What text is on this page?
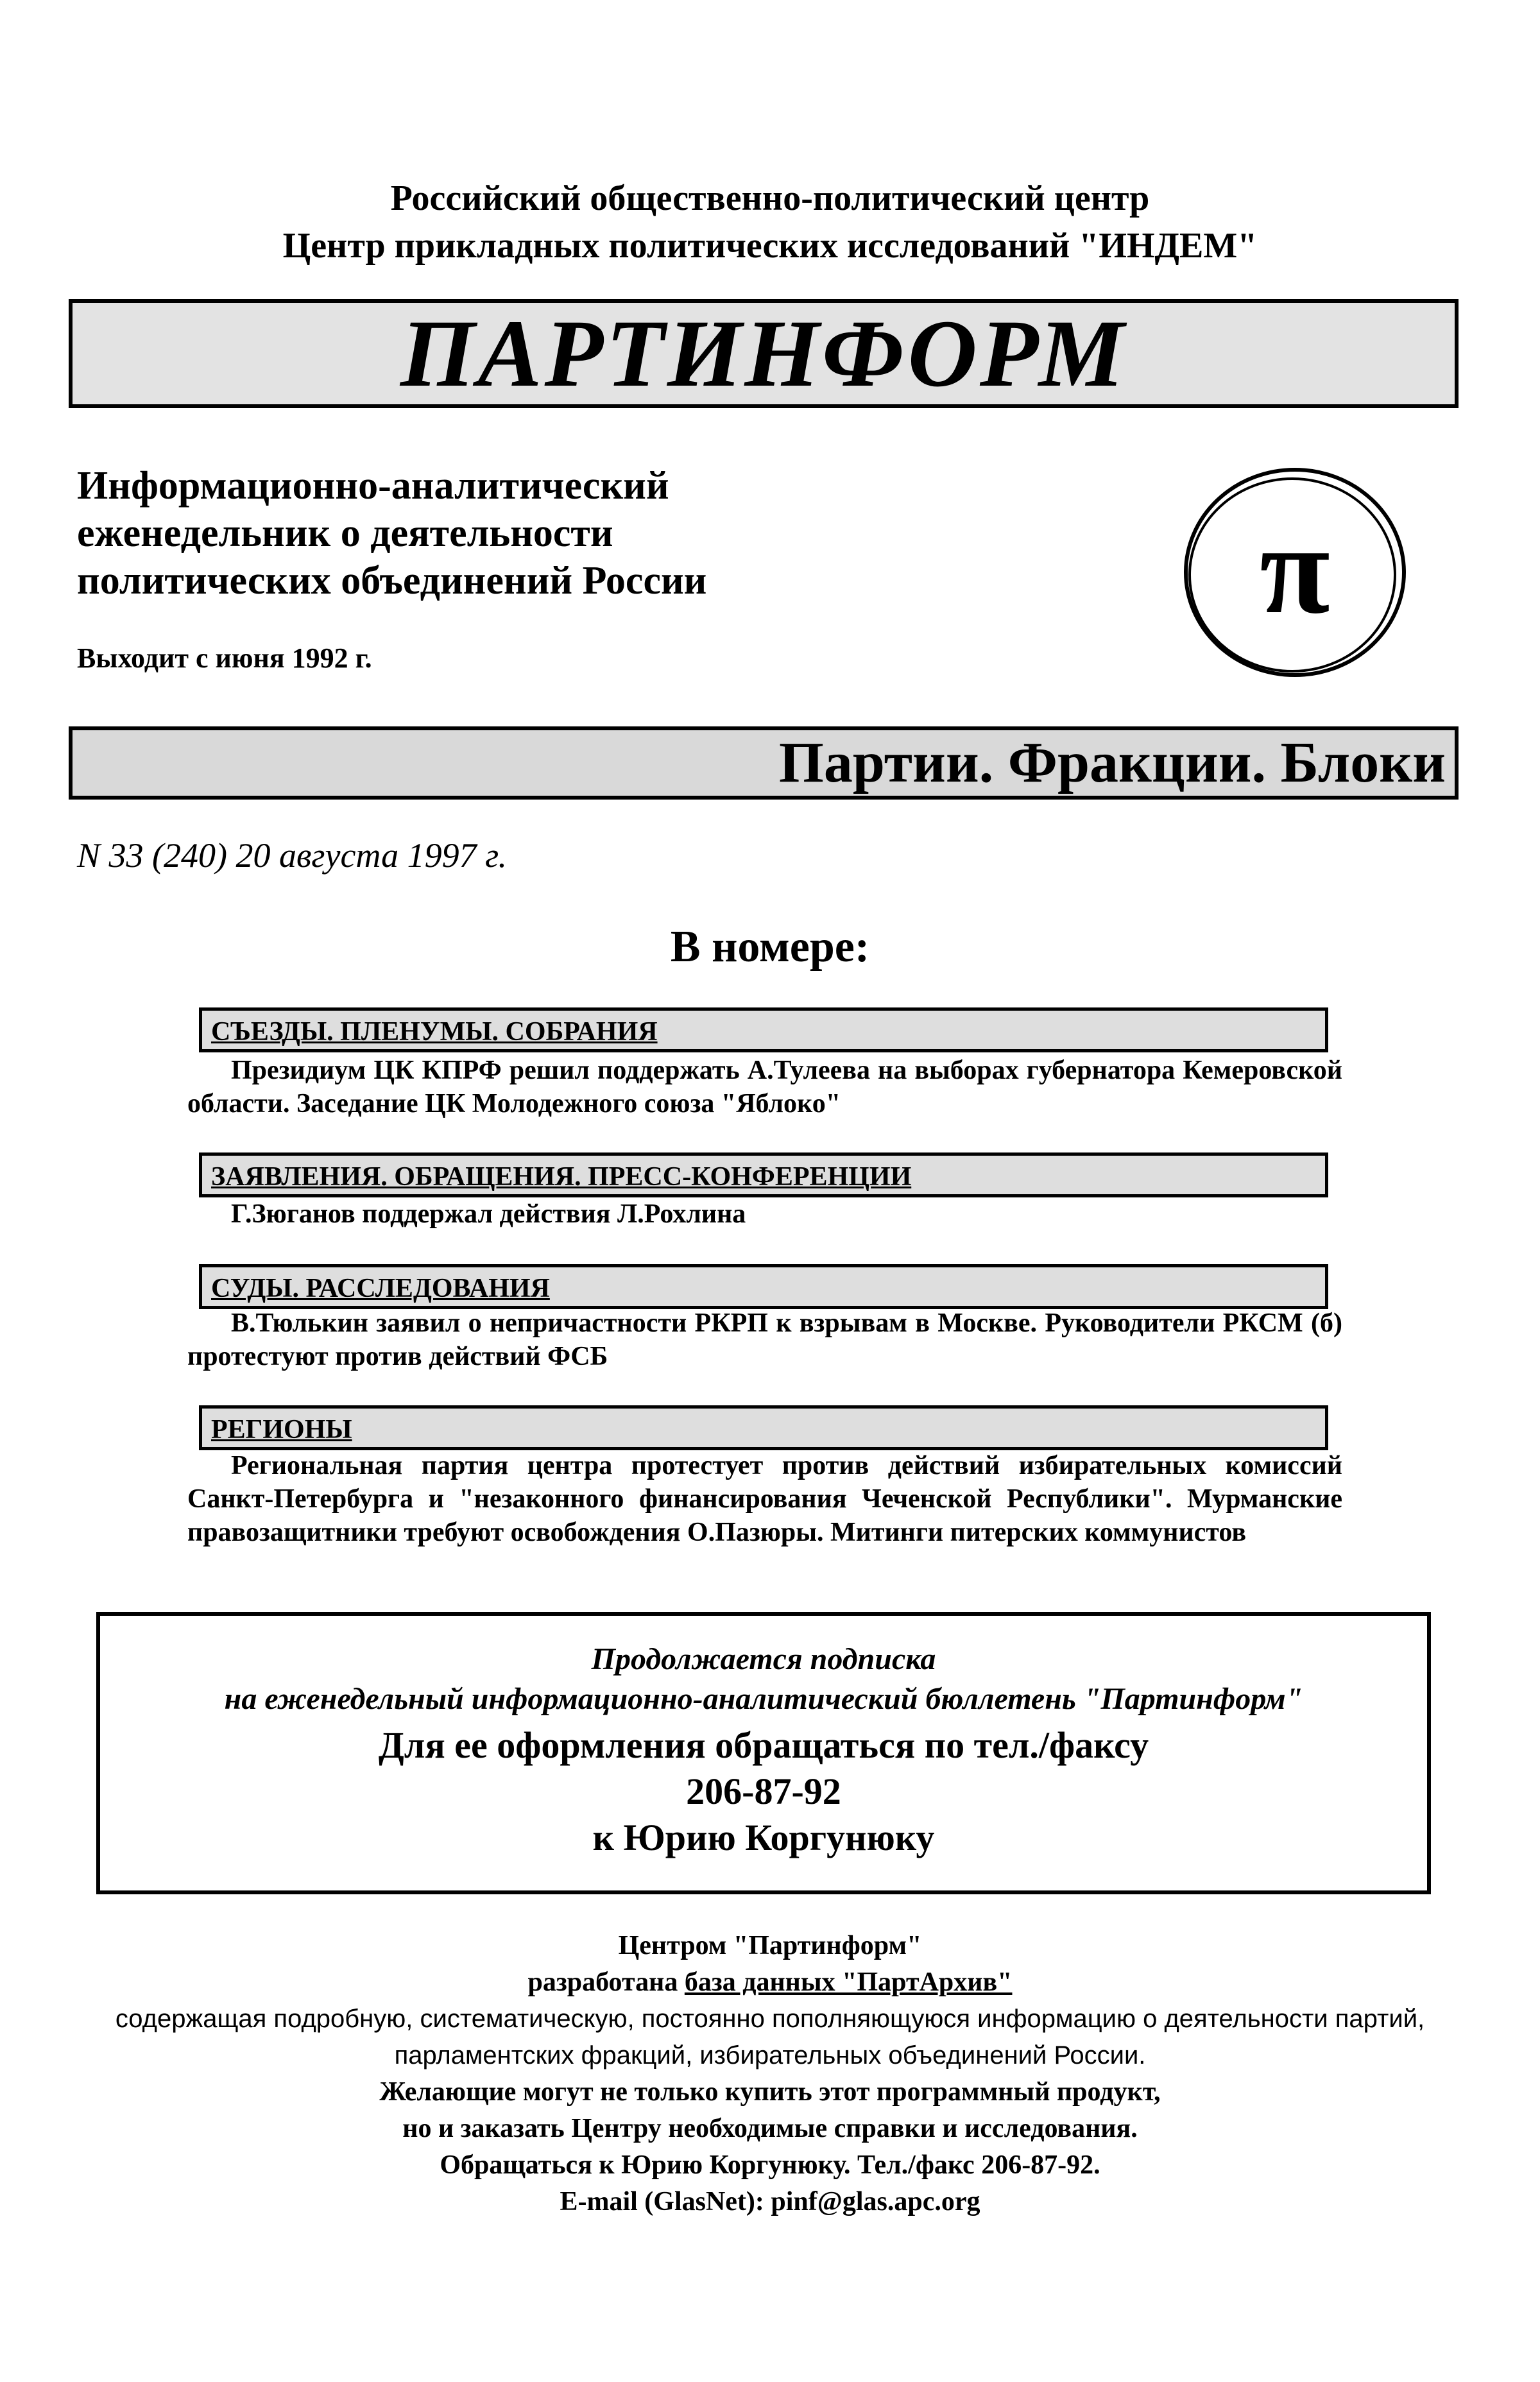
Российский общественно-политический центр
Центр прикладных политических исследований "ИНДЕМ"
ПАРТИНФОРМ
Информационно-аналитический
еженедельник о деятельности
политических объединений России
Выходит с июня 1992 г.
π
Партии. Фракции. Блоки
N 33 (240) 20 августа 1997 г.
В номере:
СЪЕЗДЫ. ПЛЕНУМЫ. СОБРАНИЯ
Президиум ЦК КПРФ решил поддержать А.Тулеева на выборах губернатора Кемеровской области. Заседание ЦК Молодежного союза "Яблоко"
ЗАЯВЛЕНИЯ. ОБРАЩЕНИЯ. ПРЕСС-КОНФЕРЕНЦИИ
Г.Зюганов поддержал действия Л.Рохлина
СУДЫ. РАССЛЕДОВАНИЯ
В.Тюлькин заявил о непричастности РКРП к взрывам в Москве. Руководители РКСМ (б) протестуют против действий ФСБ
РЕГИОНЫ
Региональная партия центра протестует против действий избирательных комиссий Санкт-Петербурга и "незаконного финансирования Чеченской Республики". Мурманские правозащитники требуют освобождения О.Пазюры. Митинги питерских коммунистов
Продолжается подписка
на еженедельный информационно-аналитический бюллетень "Партинформ"
Для ее оформления обращаться по тел./факсу
206-87-92
к Юрию Коргунюку
Центром "Партинформ"
разработана база данных "ПартАрхив"
содержащая подробную, систематическую, постоянно пополняющуюся информацию о деятельности партий,
парламентских фракций, избирательных объединений России.
Желающие могут не только купить этот программный продукт,
но и заказать Центру необходимые справки и исследования.
Обращаться к Юрию Коргунюку. Тел./факс 206-87-92.
E-mail (GlasNet): pinf@glas.apc.org
